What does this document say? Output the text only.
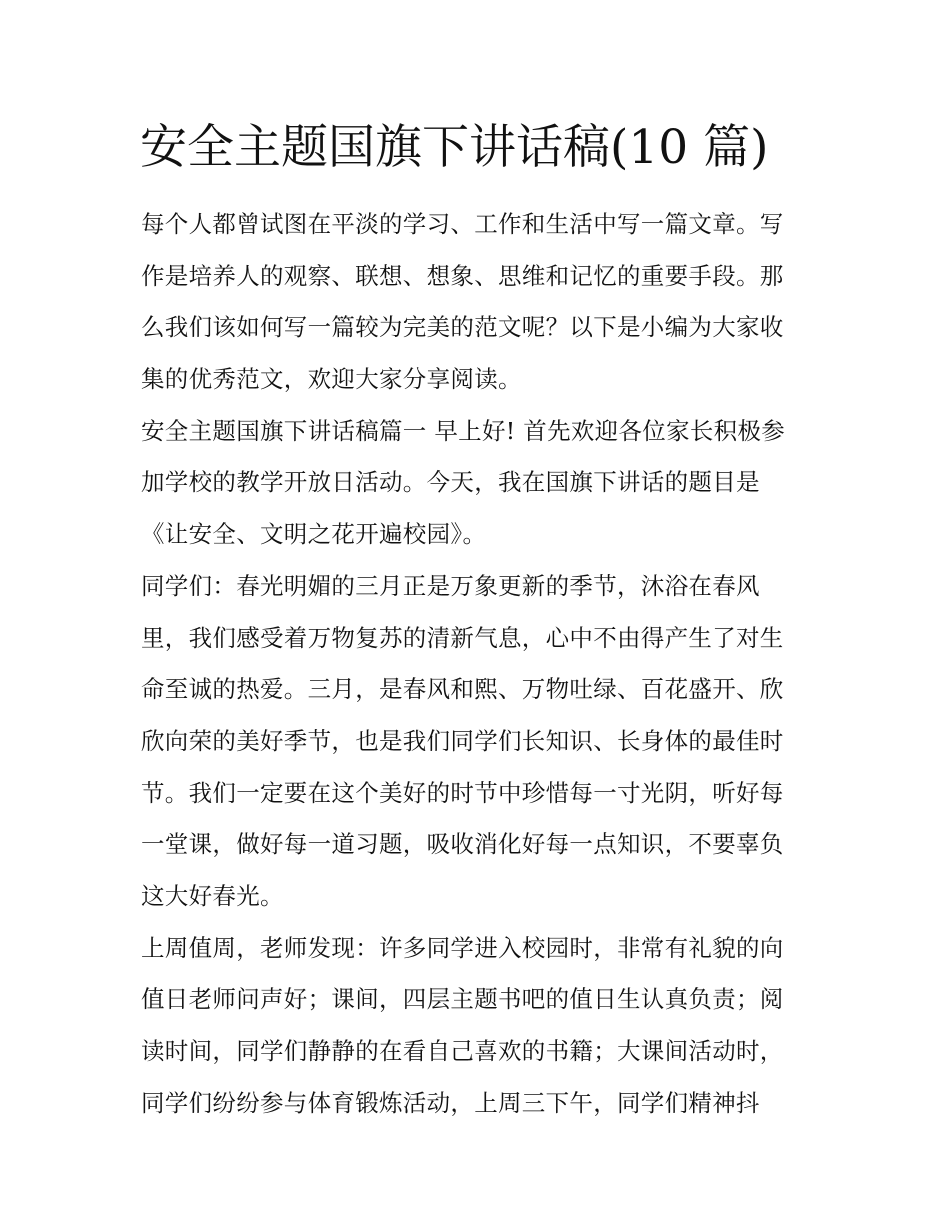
安全主题国旗下讲话稿(10 篇)
每个人都曾试图在平淡的学习、工作和生活中写一篇文章。写
作是培养人的观察、联想、想象、思维和记忆的重要手段。那
么我们该如何写一篇较为完美的范文呢？以下是小编为大家收
集的优秀范文，欢迎大家分享阅读。
安全主题国旗下讲话稿篇一 早上好! 首先欢迎各位家长积极参
加学校的教学开放日活动。今天，我在国旗下讲话的题目是
《让安全、文明之花开遍校园》。
同学们：春光明媚的三月正是万象更新的季节，沐浴在春风
里，我们感受着万物复苏的清新气息，心中不由得产生了对生
命至诚的热爱。三月，是春风和熙、万物吐绿、百花盛开、欣
欣向荣的美好季节，也是我们同学们长知识、长身体的最佳时
节。我们一定要在这个美好的时节中珍惜每一寸光阴，听好每
一堂课，做好每一道习题，吸收消化好每一点知识，不要辜负
这大好春光。
上周值周，老师发现：许多同学进入校园时，非常有礼貌的向
值日老师问声好；课间，四层主题书吧的值日生认真负责；阅
读时间，同学们静静的在看自己喜欢的书籍；大课间活动时，
同学们纷纷参与体育锻炼活动，上周三下午，同学们精神抖
